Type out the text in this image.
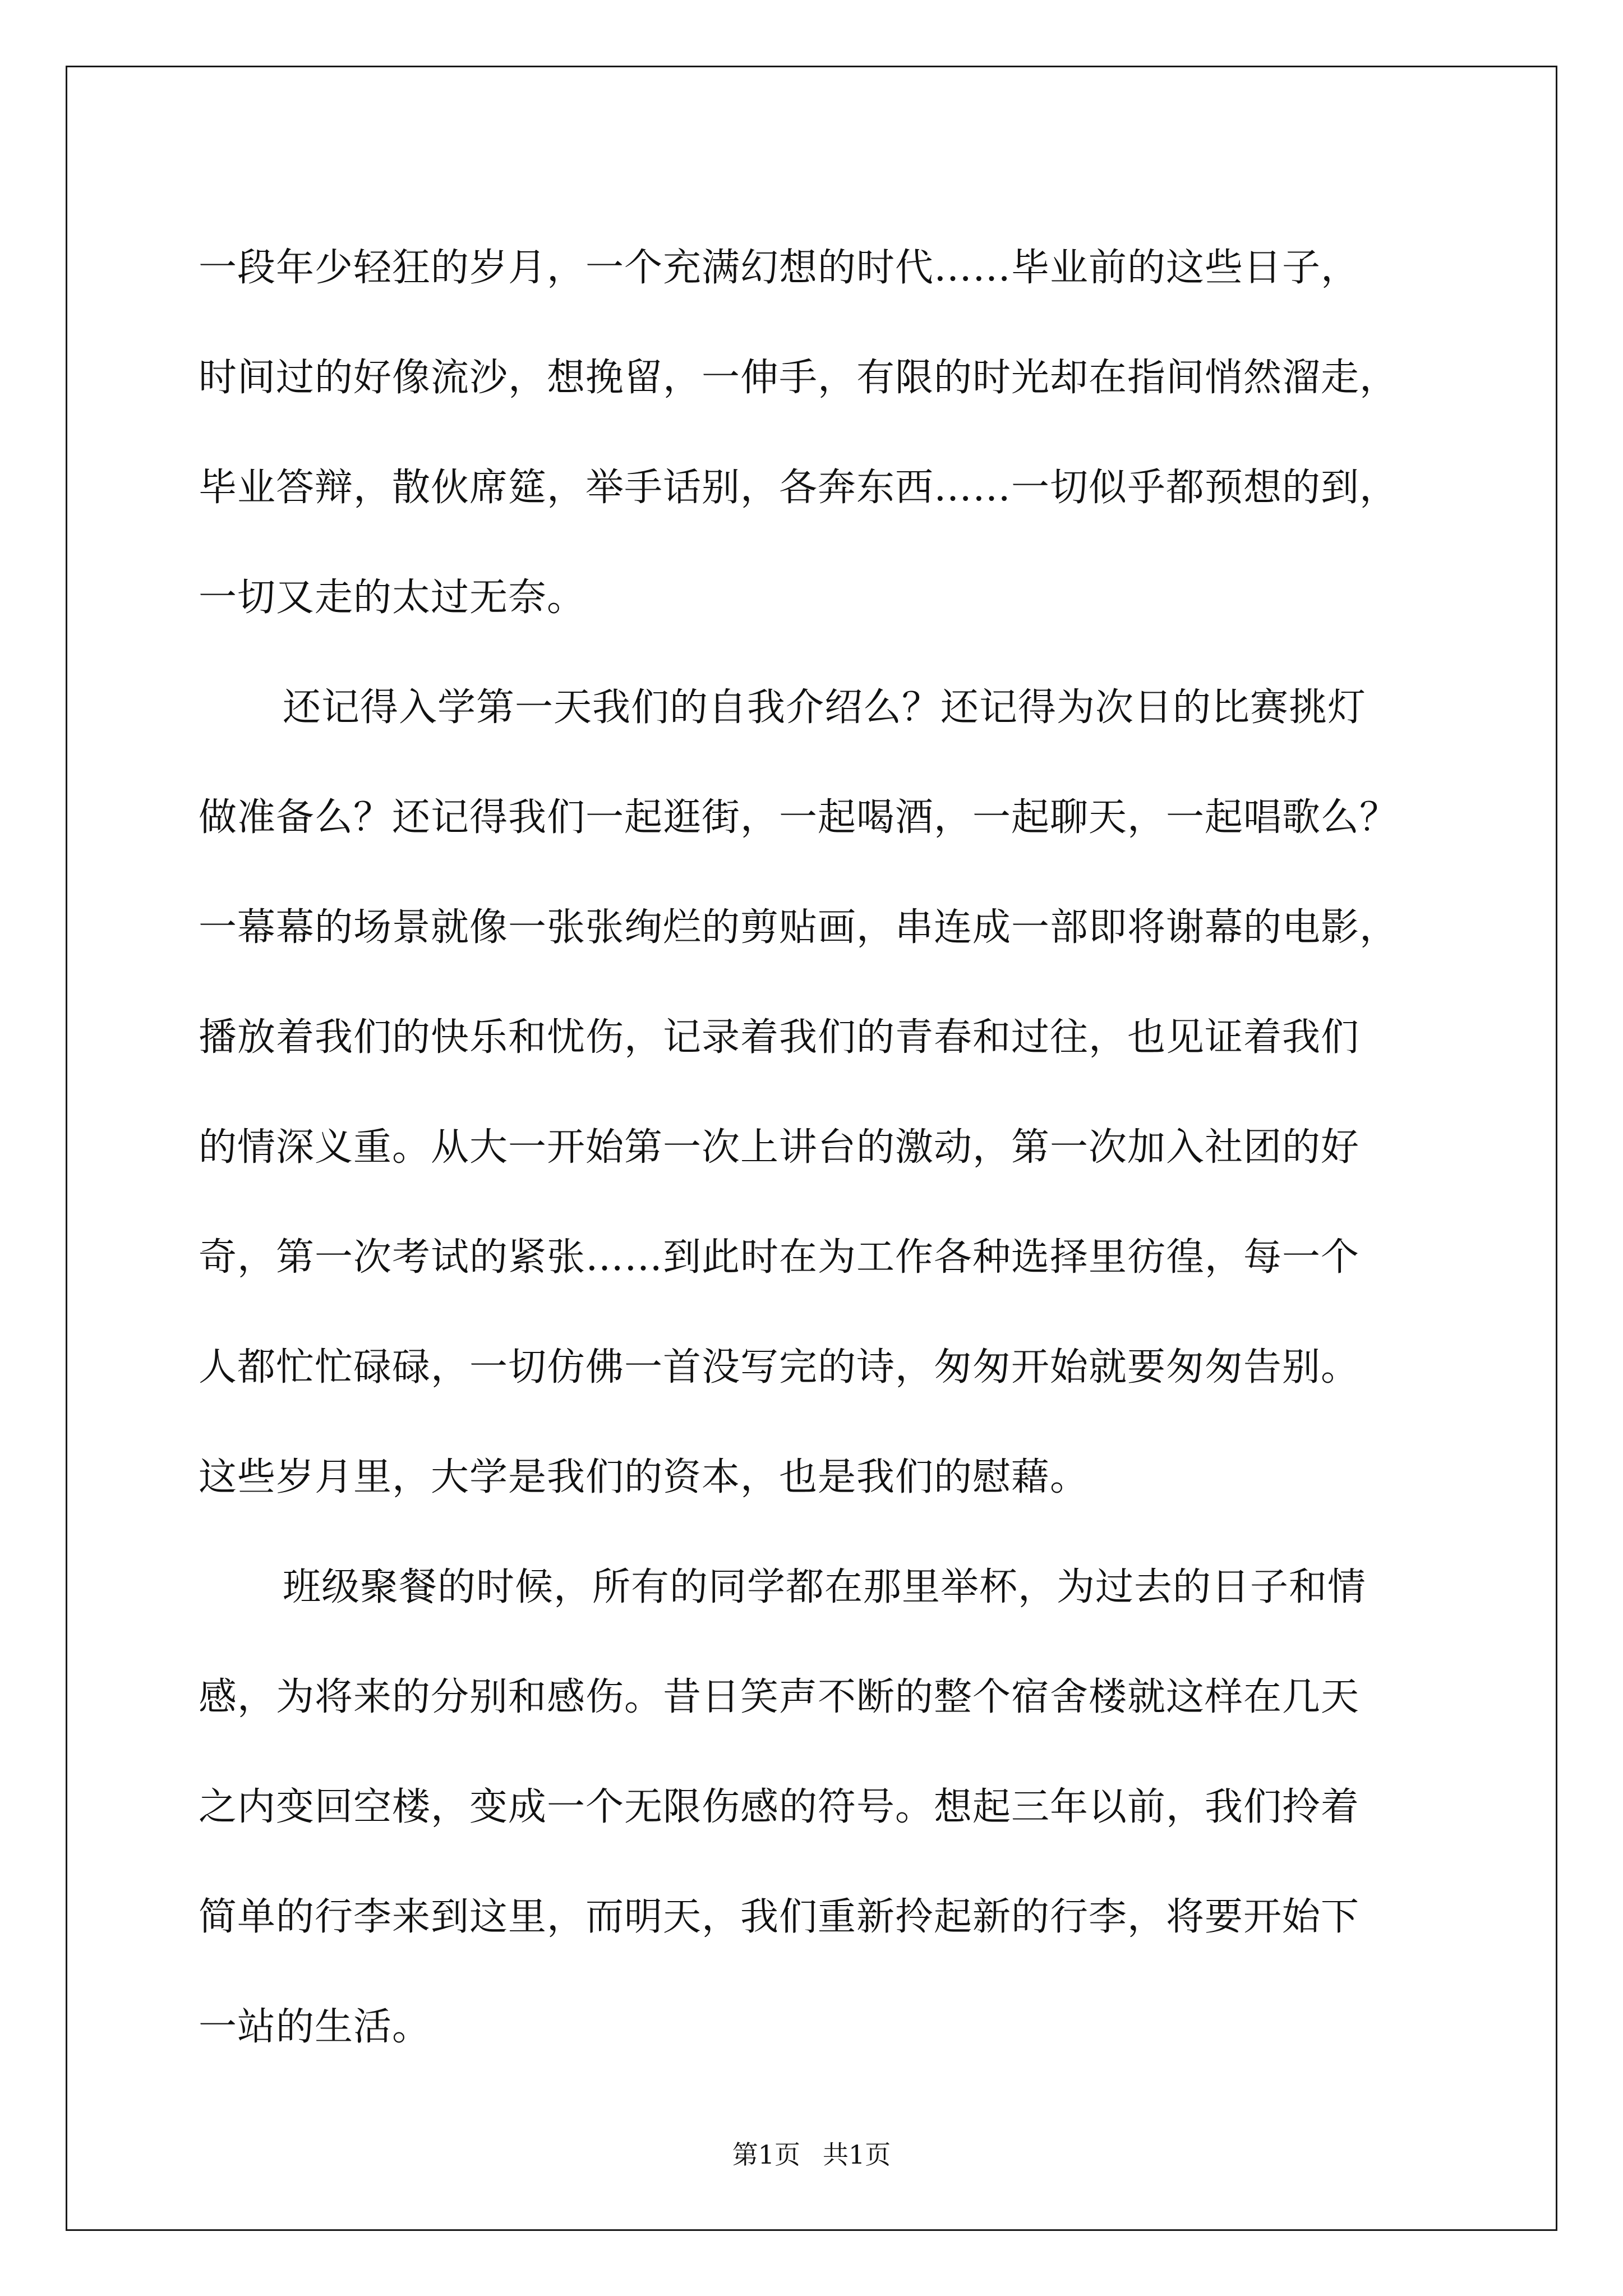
一段年少轻狂的岁月，一个充满幻想的时代……毕业前的这些日子，
时间过的好像流沙，想挽留，一伸手，有限的时光却在指间悄然溜走，
毕业答辩，散伙席筵，举手话别，各奔东西……一切似乎都预想的到，
一切又走的太过无奈。

还记得入学第一天我们的自我介绍么？还记得为次日的比赛挑灯
做准备么？还记得我们一起逛街，一起喝酒，一起聊天，一起唱歌么？
一幕幕的场景就像一张张绚烂的剪贴画，串连成一部即将谢幕的电影，
播放着我们的快乐和忧伤，记录着我们的青春和过往，也见证着我们
的情深义重。从大一开始第一次上讲台的激动，第一次加入社团的好
奇，第一次考试的紧张……到此时在为工作各种选择里彷徨，每一个
人都忙忙碌碌，一切仿佛一首没写完的诗，匆匆开始就要匆匆告别。
这些岁月里，大学是我们的资本，也是我们的慰藉。

班级聚餐的时候，所有的同学都在那里举杯，为过去的日子和情
感，为将来的分别和感伤。昔日笑声不断的整个宿舍楼就这样在几天
之内变回空楼，变成一个无限伤感的符号。想起三年以前，我们拎着
简单的行李来到这里，而明天，我们重新拎起新的行李，将要开始下
一站的生活。

第1页 共1页
